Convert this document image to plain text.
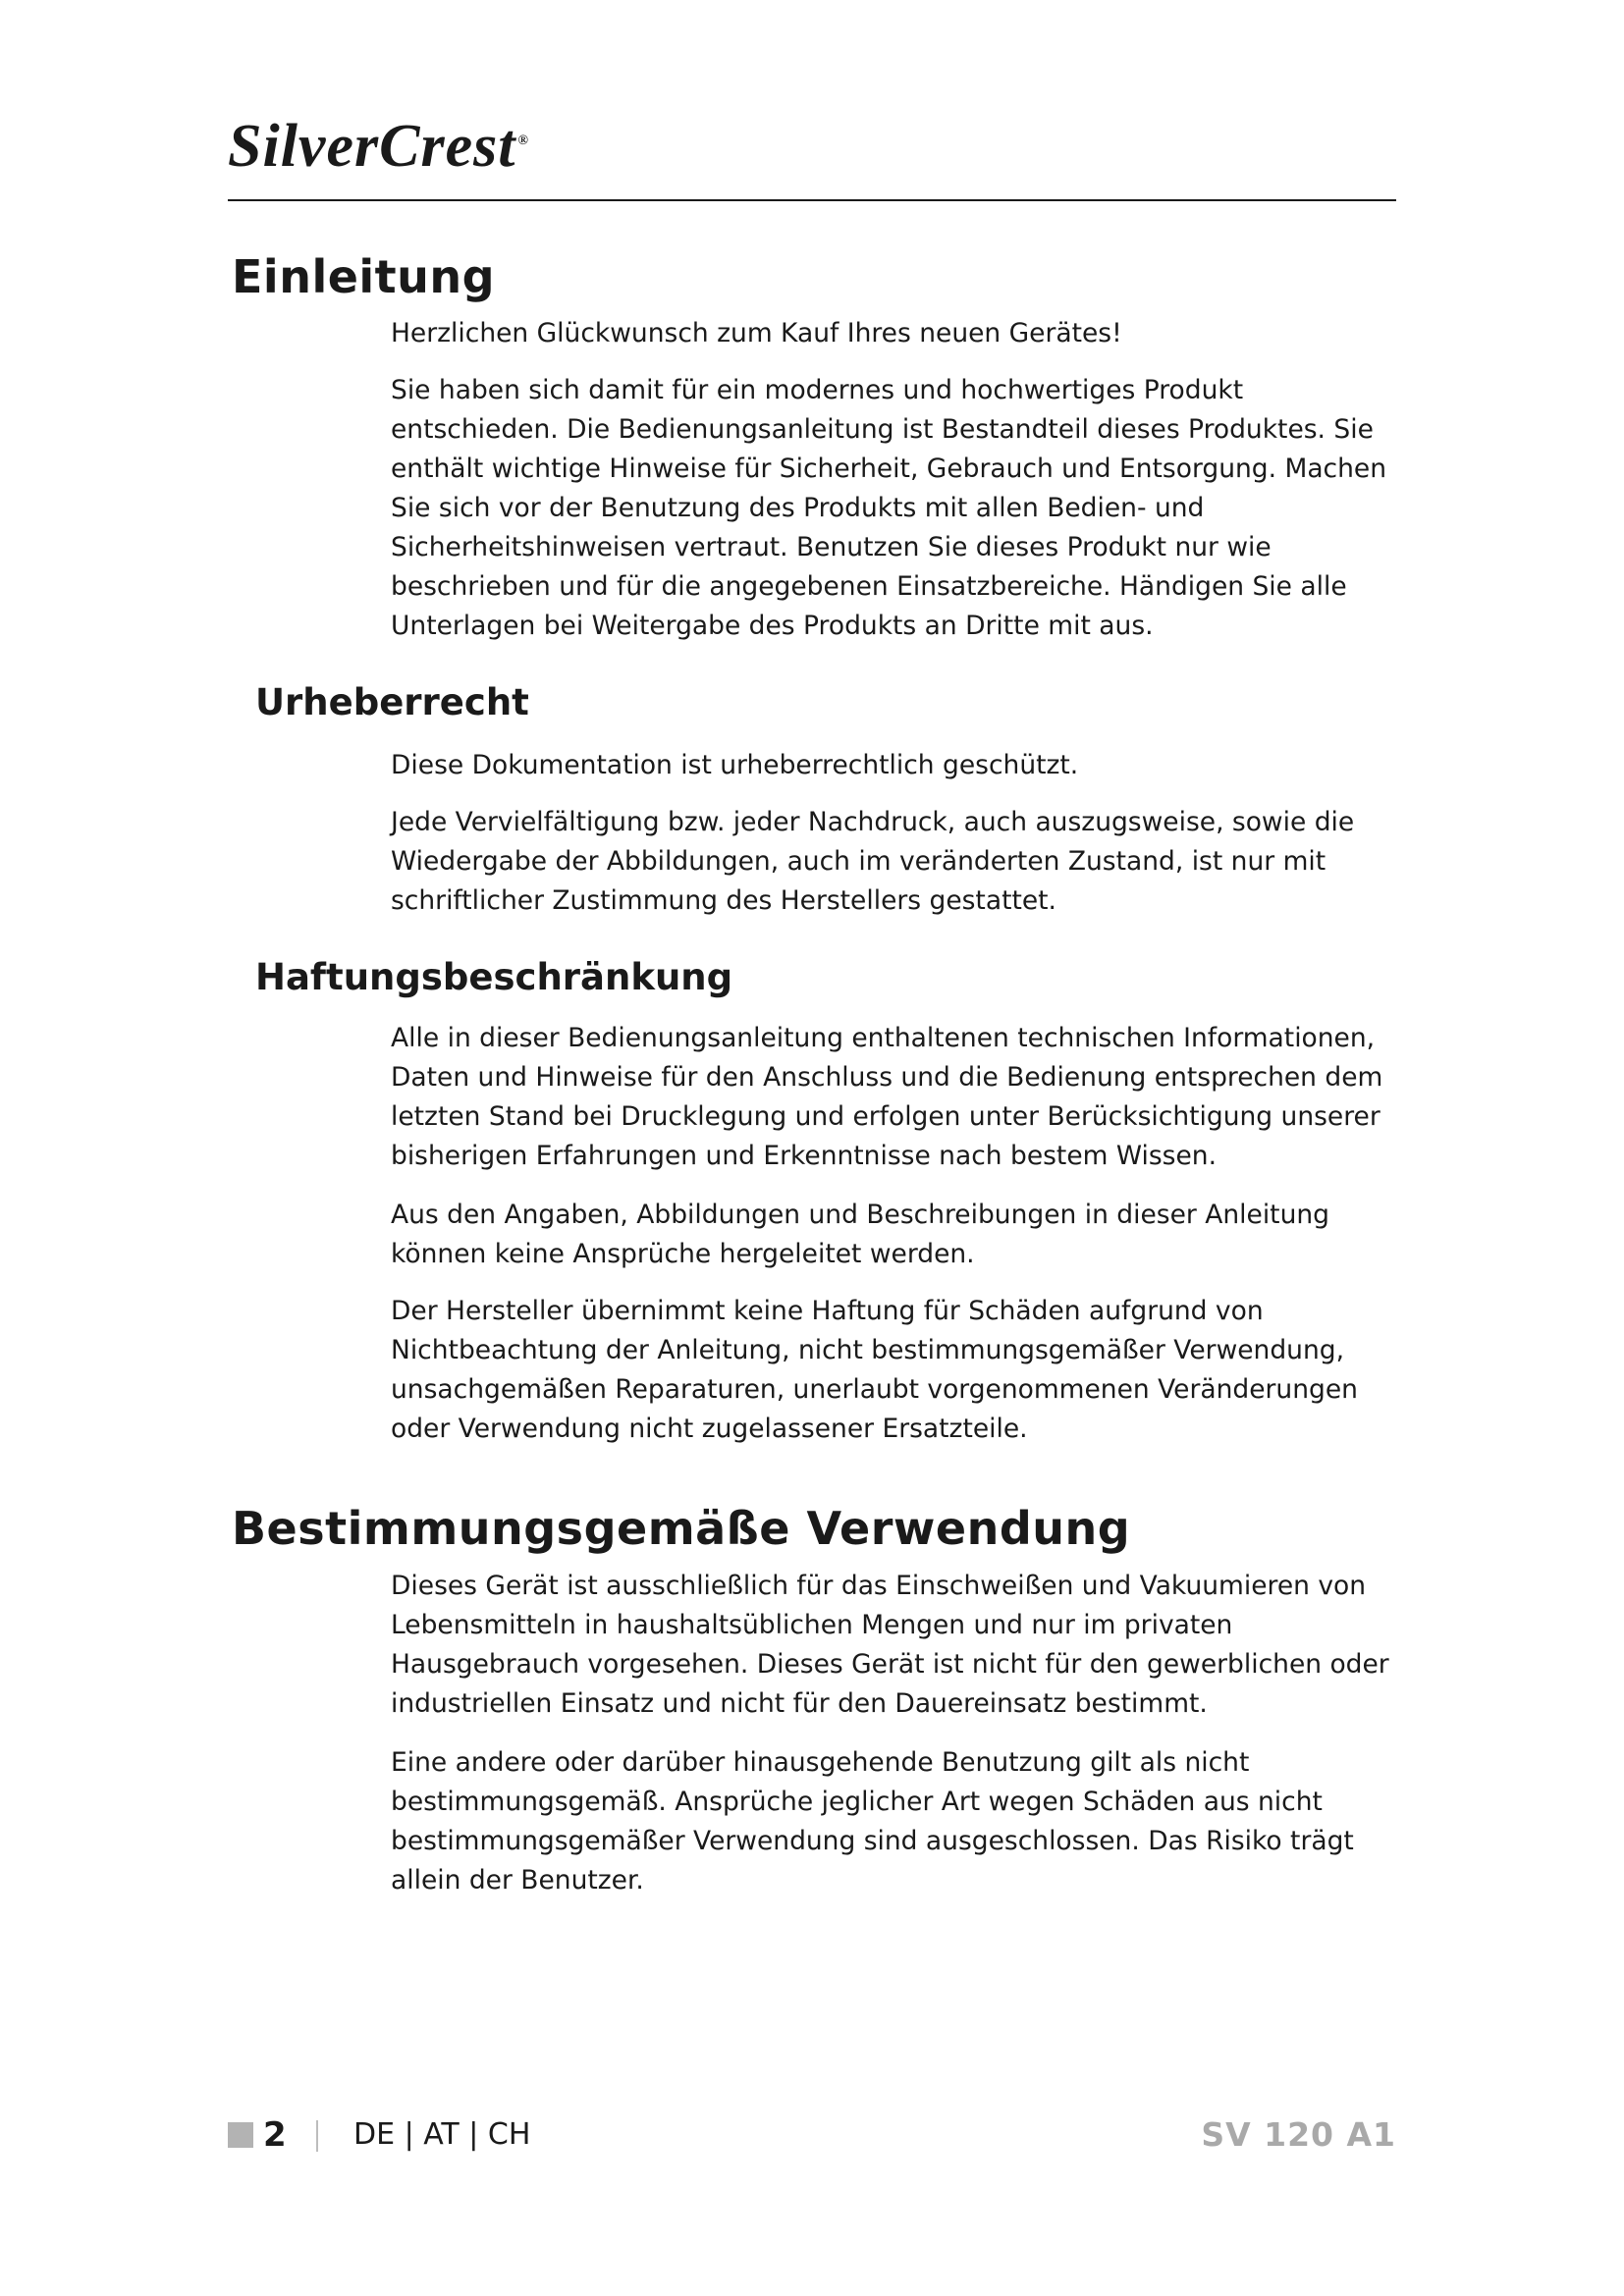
SilverCrest ®
Einleitung

Herzlichen Glückwunsch zum Kauf Ihres neuen Gerätes!

Sie haben sich damit für ein modernes und hochwertiges Produkt entschieden. Die Bedienungsanleitung ist Bestandteil dieses Produktes. Sie enthält wichtige Hinweise für Sicherheit, Gebrauch und Entsorgung. Machen Sie sich vor der Benutzung des Produkts mit allen Bedien- und Sicherheitshinweisen vertraut. Benutzen Sie dieses Produkt nur wie beschrieben und für die angegebenen Einsatzbereiche. Händigen Sie alle Unterlagen bei Weitergabe des Produkts an Dritte mit aus.

Urheberrecht

Diese Dokumentation ist urheberrechtlich geschützt.

Jede Vervielfältigung bzw. jeder Nachdruck, auch auszugsweise, sowie die Wiedergabe der Abbildungen, auch im veränderten Zustand, ist nur mit schriftlicher Zustimmung des Herstellers gestattet.

Haftungsbeschränkung

Alle in dieser Bedienungsanleitung enthaltenen technischen Informationen, Daten und Hinweise für den Anschluss und die Bedienung entsprechen dem letzten Stand bei Drucklegung und erfolgen unter Berücksichtigung unserer bisherigen Erfahrungen und Erkenntnisse nach bestem Wissen.

Aus den Angaben, Abbildungen und Beschreibungen in dieser Anleitung können keine Ansprüche hergeleitet werden.

Der Hersteller übernimmt keine Haftung für Schäden aufgrund von Nichtbeachtung der Anleitung, nicht bestimmungsgemäßer Verwendung, unsachgemäßen Reparaturen, unerlaubt vorgenommenen Veränderungen oder Verwendung nicht zugelassener Ersatzteile.

Bestimmungsgemäße Verwendung

Dieses Gerät ist ausschließlich für das Einschweißen und Vakuumieren von Lebensmitteln in haushaltsüblichen Mengen und nur im privaten Hausgebrauch vorgesehen. Dieses Gerät ist nicht für den gewerblichen oder industriellen Einsatz und nicht für den Dauereinsatz bestimmt.

Eine andere oder darüber hinausgehende Benutzung gilt als nicht bestimmungsgemäß. Ansprüche jeglicher Art wegen Schäden aus nicht bestimmungsgemäßer Verwendung sind ausgeschlossen. Das Risiko trägt allein der Benutzer.

2 DE | AT | CH	SV 120 A1
